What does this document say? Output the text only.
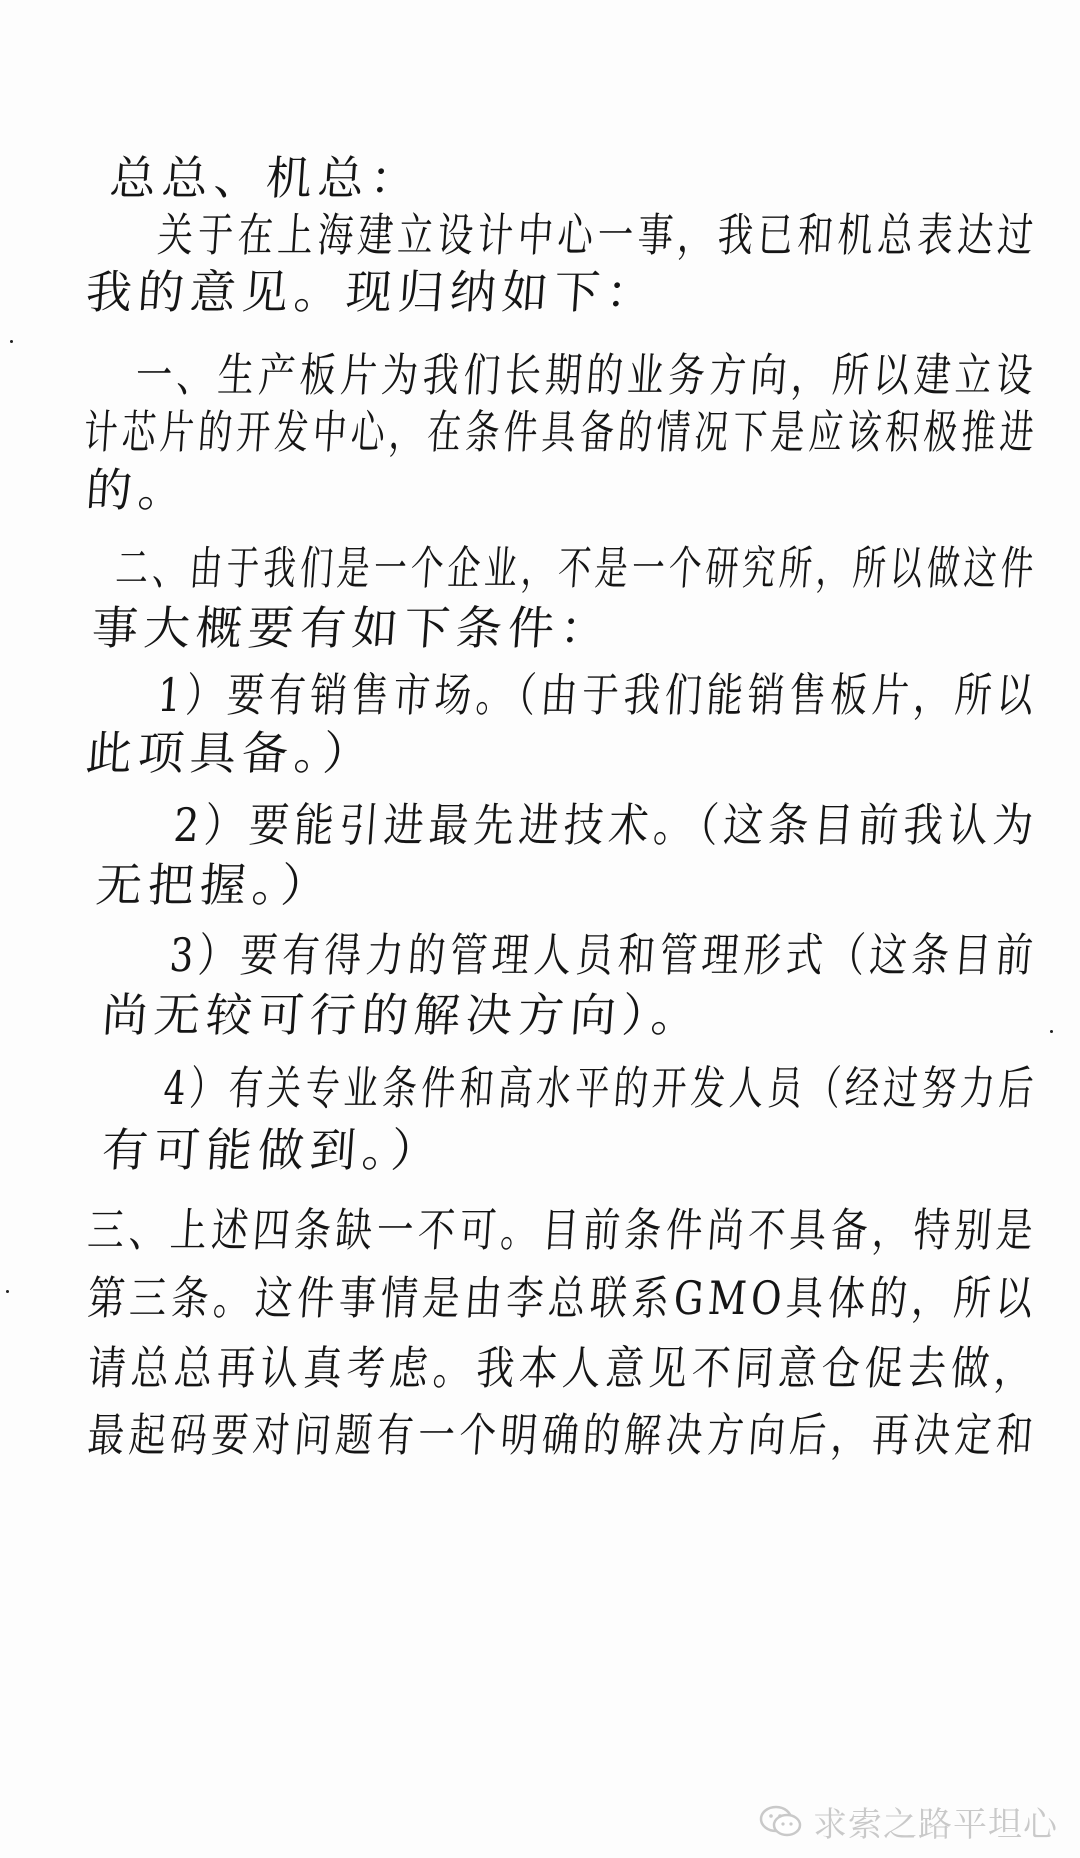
总总、机总：
关于在上海建立设计中心一事，我已和机总表达过
我的意见。现归纳如下：
一、生产板片为我们长期的业务方向，所以建立设
计芯片的开发中心，在条件具备的情况下是应该积极推进
的。
二、由于我们是一个企业，不是一个研究所，所以做这件
事大概要有如下条件：
1）要有销售市场。（由于我们能销售板片，所以
此项具备。）
2）要能引进最先进技术。（这条目前我认为
无把握。）
3）要有得力的管理人员和管理形式（这条目前
尚无较可行的解决方向）。
4）有关专业条件和高水平的开发人员（经过努力后
有可能做到。）
三、上述四条缺一不可。目前条件尚不具备，特别是
第三条。这件事情是由李总联系GMO具体的，所以
请总总再认真考虑。我本人意见不同意仓促去做，
最起码要对问题有一个明确的解决方向后，再决定和
求索之路平坦心
